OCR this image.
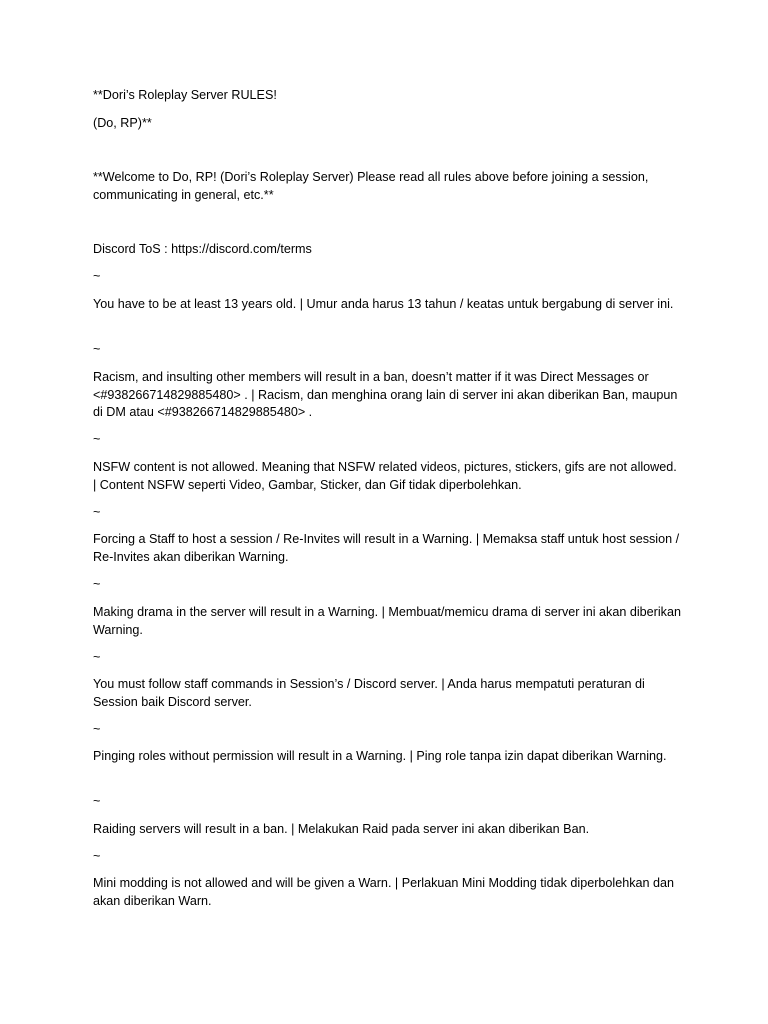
**Dori’s Roleplay Server RULES!
(Do, RP)**
**Welcome to Do, RP! (Dori’s Roleplay Server) Please read all rules above before joining a session, communicating in general, etc.**
Discord ToS : https://discord.com/terms
~
You have to be at least 13 years old. | Umur anda harus 13 tahun / keatas untuk bergabung di server ini.
~
Racism, and insulting other members will result in a ban, doesn’t matter if it was Direct Messages or <#938266714829885480> . | Racism, dan menghina orang lain di server ini akan diberikan Ban, maupun di DM atau <#938266714829885480> .
~
NSFW content is not allowed. Meaning that NSFW related videos, pictures, stickers, gifs are not allowed. | Content NSFW seperti Video, Gambar, Sticker, dan Gif tidak diperbolehkan.
~
Forcing a Staff to host a session / Re-Invites will result in a Warning. | Memaksa staff untuk host session / Re-Invites akan diberikan Warning.
~
Making drama in the server will result in a Warning. | Membuat/memicu drama di server ini akan diberikan Warning.
~
You must follow staff commands in Session’s / Discord server. | Anda harus mempatuti peraturan di Session baik Discord server.
~
Pinging roles without permission will result in a Warning. | Ping role tanpa izin dapat diberikan Warning.
~
Raiding servers will result in a ban. | Melakukan Raid pada server ini akan diberikan Ban.
~
Mini modding is not allowed and will be given a Warn. | Perlakuan Mini Modding tidak diperbolehkan dan akan diberikan Warn.
